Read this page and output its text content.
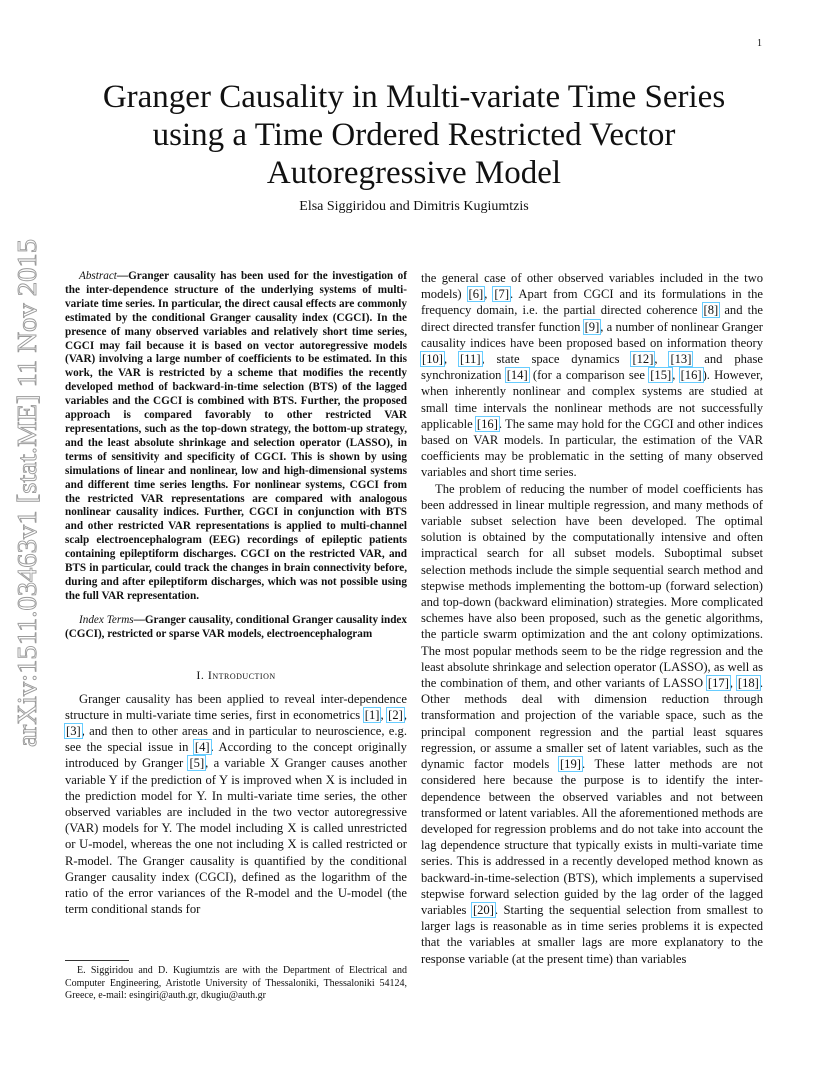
1
Granger Causality in Multi-variate Time Series
using a Time Ordered Restricted Vector
Autoregressive Model
Elsa Siggiridou and Dimitris Kugiumtzis
arXiv:1511.03463v1 [stat.ME] 11 Nov 2015	Abstract—Granger causality has been used for the investigation of the inter-dependence structure of the underlying systems of multi-variate time series. In particular, the direct causal effects are commonly estimated by the conditional Granger causality index (CGCI). In the presence of many observed variables and relatively short time series, CGCI may fail because it is based on vector autoregressive models (VAR) involving a large number of coefficients to be estimated. In this work, the VAR is restricted by a scheme that modifies the recently developed method of backward-in-time selection (BTS) of the lagged variables and the CGCI is combined with BTS. Further, the proposed approach is compared favorably to other restricted VAR representations, such as the top-down strategy, the bottom-up strategy, and the least absolute shrinkage and selection operator (LASSO), in terms of sensitivity and specificity of CGCI. This is shown by using simulations of linear and nonlinear, low and high-dimensional systems and different time series lengths. For nonlinear systems, CGCI from the restricted VAR representations are compared with analogous nonlinear causality indices. Further, CGCI in conjunction with BTS and other restricted VAR representations is applied to multi-channel scalp electroencephalogram (EEG) recordings of epileptic patients containing epileptiform discharges. CGCI on the restricted VAR, and BTS in particular, could track the changes in brain connectivity before, during and after epileptiform discharges, which was not possible using the full VAR representation.

Index Terms—Granger causality, conditional Granger causality index (CGCI), restricted or sparse VAR models, electroencephalogram

I. Introduction

Granger causality has been applied to reveal inter-dependence structure in multi-variate time series, first in econometrics [1], [2], [3], and then to other areas and in particular to neuroscience, e.g. see the special issue in [4]. According to the concept originally introduced by Granger [5], a variable X Granger causes another variable Y if the prediction of Y is improved when X is included in the prediction model for Y. In multi-variate time series, the other observed variables are included in the two vector autoregressive (VAR) models for Y. The model including X is called unrestricted or U-model, whereas the one not including X is called restricted or R-model. The Granger causality is quantified by the conditional Granger causality index (CGCI), defined as the logarithm of the ratio of the error variances of the R-model and the U-model (the term conditional stands for

E. Siggiridou and D. Kugiumtzis are with the Department of Electrical and Computer Engineering, Aristotle University of Thessaloniki, Thessaloniki 54124, Greece, e-mail: esingiri@auth.gr, dkugiu@auth.gr

the general case of other observed variables included in the two models) [6], [7]. Apart from CGCI and its formulations in the frequency domain, i.e. the partial directed coherence [8] and the direct directed transfer function [9], a number of nonlinear Granger causality indices have been proposed based on information theory [10], [11], state space dynamics [12], [13] and phase synchronization [14] (for a comparison see [15], [16]). However, when inherently nonlinear and complex systems are studied at small time intervals the nonlinear methods are not successfully applicable [16]. The same may hold for the CGCI and other indices based on VAR models. In particular, the estimation of the VAR coefficients may be problematic in the setting of many observed variables and short time series.

The problem of reducing the number of model coefficients has been addressed in linear multiple regression, and many methods of variable subset selection have been developed. The optimal solution is obtained by the computationally intensive and often impractical search for all subset models. Suboptimal subset selection methods include the simple sequential search method and stepwise methods implementing the bottom-up (forward selection) and top-down (backward elimination) strategies. More complicated schemes have also been proposed, such as the genetic algorithms, the particle swarm optimization and the ant colony optimizations. The most popular methods seem to be the ridge regression and the least absolute shrinkage and selection operator (LASSO), as well as the combination of them, and other variants of LASSO [17], [18]. Other methods deal with dimension reduction through transformation and projection of the variable space, such as the principal component regression and the partial least squares regression, or assume a smaller set of latent variables, such as the dynamic factor models [19]. These latter methods are not considered here because the purpose is to identify the inter-dependence between the observed variables and not between transformed or latent variables. All the aforementioned methods are developed for regression problems and do not take into account the lag dependence structure that typically exists in multi-variate time series. This is addressed in a recently developed method known as backward-in-time-selection (BTS), which implements a supervised stepwise forward selection guided by the lag order of the lagged variables [20]. Starting the sequential selection from smallest to larger lags is reasonable as in time series problems it is expected that the variables at smaller lags are more explanatory to the response variable (at the present time) than variables
